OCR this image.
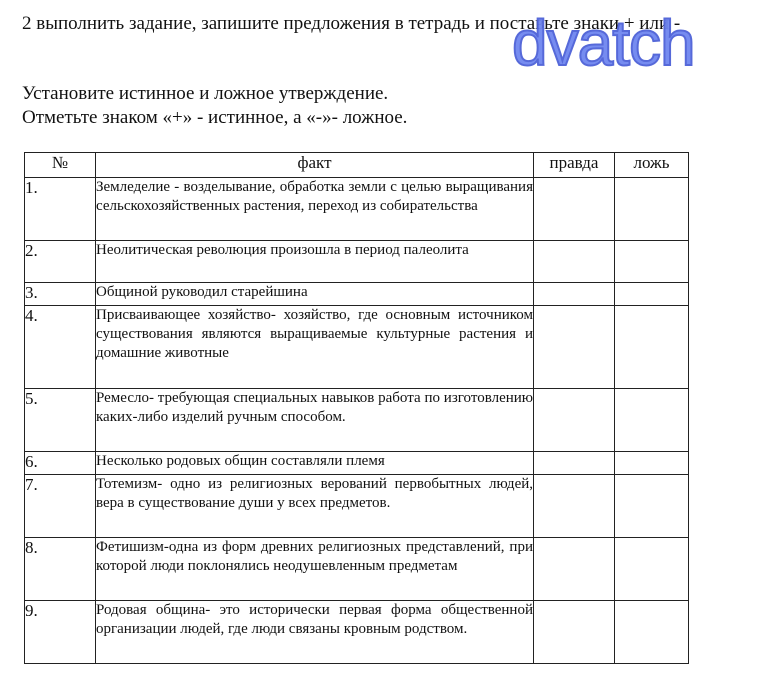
2 выполнить задание, запишите предложения в тетрадь и поставьте знаки + или -
dvatch
Установите истинное и ложное утверждение.
Отметьте знаком «+» - истинное, а «-»- ложное.
№	факт	правда	ложь
1.	Земледелие - возделывание, обработка земли с целью выращивания сельскохозяйственных растения, переход из собирательства		
2.	Неолитическая революция произошла в период палеолита		
3.	Общиной руководил старейшина		
4.	Присваивающее хозяйство- хозяйство, где основным источником существования являются выращиваемые культурные растения и домашние животные		
5.	Ремесло- требующая специальных навыков работа по изготовлению каких-либо изделий ручным способом.		
6.	Несколько родовых общин составляли племя		
7.	Тотемизм- одно из религиозных верований первобытных людей, вера в существование души у всех предметов.		
8.	Фетишизм-одна из форм древних религиозных представлений, при которой люди поклонялись неодушевленным предметам		
9.	Родовая община- это исторически первая форма общественной организации людей, где люди связаны кровным родством.		
